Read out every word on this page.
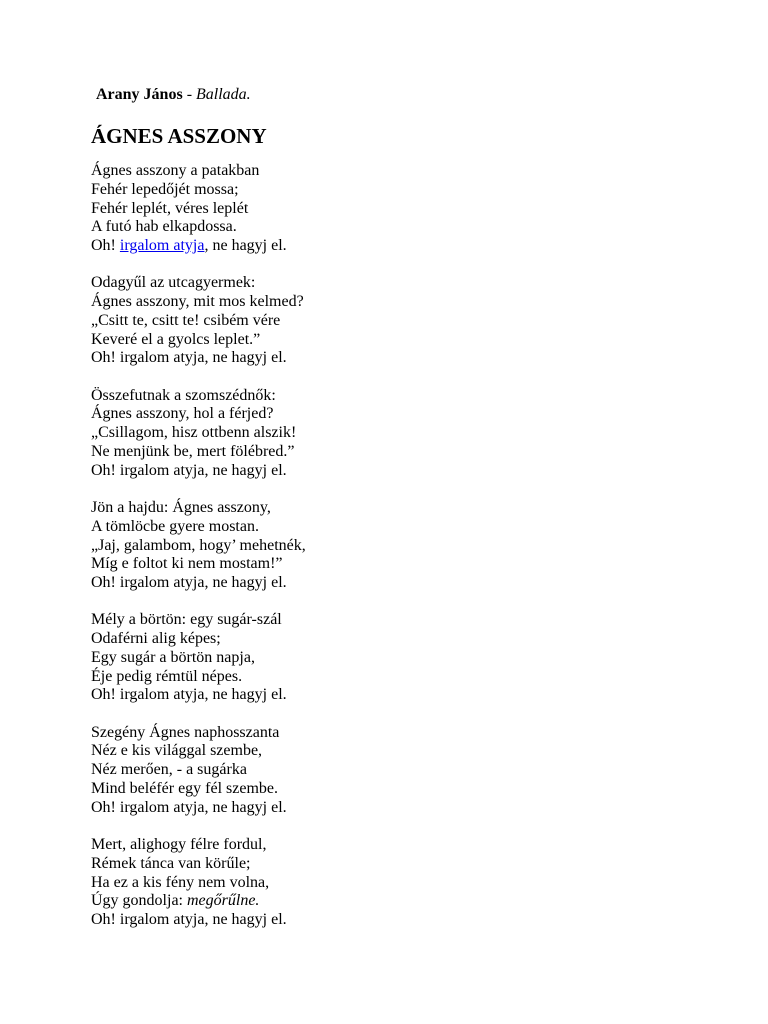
Arany János - Ballada.

ÁGNES ASSZONY
Ágnes asszony a patakban
Fehér lepedőjét mossa;
Fehér leplét, véres leplét
A futó hab elkapdossa.
Oh! irgalom atyja, ne hagyj el.
Odagyűl az utcagyermek:
Ágnes asszony, mit mos kelmed?
„Csitt te, csitt te! csibém vére
Keveré el a gyolcs leplet.”
Oh! irgalom atyja, ne hagyj el.
Összefutnak a szomszédnők:
Ágnes asszony, hol a férjed?
„Csillagom, hisz ottbenn alszik!
Ne menjünk be, mert fölébred.”
Oh! irgalom atyja, ne hagyj el.
Jön a hajdu: Ágnes asszony,
A tömlöcbe gyere mostan.
„Jaj, galambom, hogy’ mehetnék,
Míg e foltot ki nem mostam!”
Oh! irgalom atyja, ne hagyj el.
Mély a börtön: egy sugár-szál
Odaférni alig képes;
Egy sugár a börtön napja,
Éje pedig rémtül népes.
Oh! irgalom atyja, ne hagyj el.
Szegény Ágnes naphosszanta
Néz e kis világgal szembe,
Néz merően, - a sugárka
Mind beléfér egy fél szembe.
Oh! irgalom atyja, ne hagyj el.
Mert, alighogy félre fordul,
Rémek tánca van körűle;
Ha ez a kis fény nem volna,
Úgy gondolja: megőrűlne.
Oh! irgalom atyja, ne hagyj el.
